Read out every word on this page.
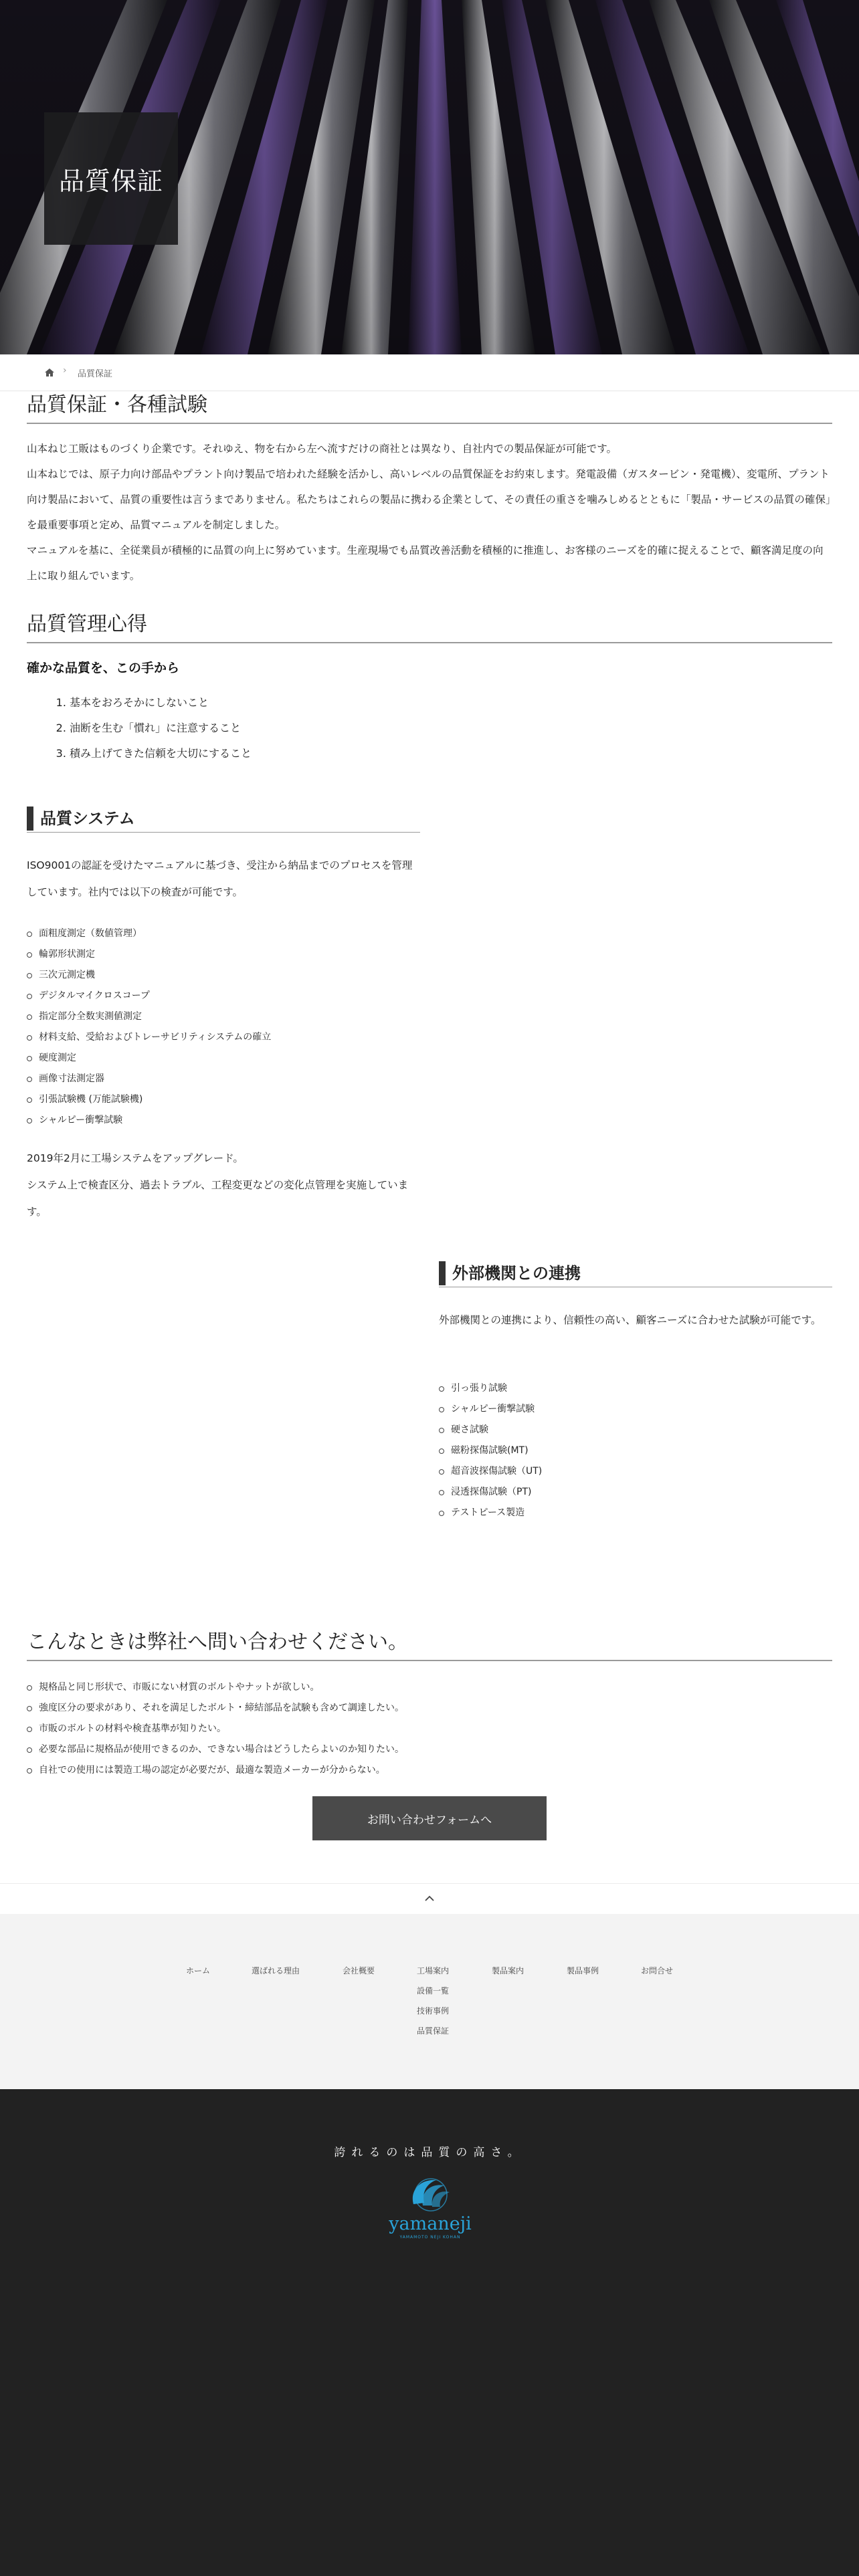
品質保証
› 品質保証
品質保証・各種試験

山本ねじ工販はものづくり企業です。それゆえ、物を右から左へ流すだけの商社とは異なり、自社内での製品保証が可能です。

山本ねじでは、原子力向け部品やプラント向け製品で培われた経験を活かし、高いレベルの品質保証をお約束します。発電設備（ガスタービン・発電機）、変電所、プラント向け製品において、品質の重要性は言うまでありません。私たちはこれらの製品に携わる企業として、その責任の重さを噛みしめるとともに「製品・サービスの品質の確保」を最重要事項と定め、品質マニュアルを制定しました。

マニュアルを基に、全従業員が積極的に品質の向上に努めています。生産現場でも品質改善活動を積極的に推進し、お客様のニーズを的確に捉えることで、顧客満足度の向上に取り組んでいます。

品質管理心得
確かな品質を、この手から
1. 基本をおろそかにしないこと
2. 油断を生む「慣れ」に注意すること
3. 積み上げてきた信頼を大切にすること
品質システム
ISO9001の認証を受けたマニュアルに基づき、受注から納品までのプロセスを管理しています。社内では以下の検査が可能です。
面粗度測定（数値管理）
輪郭形状測定
三次元測定機
デジタルマイクロスコープ
指定部分全数実測値測定
材料支給、受給およびトレーサビリティシステムの確立
硬度測定
画像寸法測定器
引張試験機 (万能試験機)
シャルピー衝撃試験

2019年2月に工場システムをアップグレード。

システム上で検査区分、過去トラブル、工程変更などの変化点管理を実施しています。

外部機関との連携
外部機関との連携により、信頼性の高い、顧客ニーズに合わせた試験が可能です。
引っ張り試験
シャルピー衝撃試験
硬さ試験
磁粉探傷試験(MT)
超音波探傷試験（UT)
浸透探傷試験（PT)
テストピース製造
こんなときは弊社へ問い合わせください。
規格品と同じ形状で、市販にない材質のボルトやナットが欲しい。
強度区分の要求があり、それを満足したボルト・締結部品を試験も含めて調達したい。
市販のボルトの材料や検査基準が知りたい。
必要な部品に規格品が使用できるのか、できない場合はどうしたらよいのか知りたい。
自社での使用には製造工場の認定が必要だが、最適な製造メーカーが分からない。
お問い合わせフォームへ
ホーム	選ばれる理由	会社概要	工場案内	製品案内	製品事例	お問合せ
設備一覧
技術事例
品質保証
誇れるのは品質の高さ。
yamaneji
YAMAMOTO NEJI KOHAN
